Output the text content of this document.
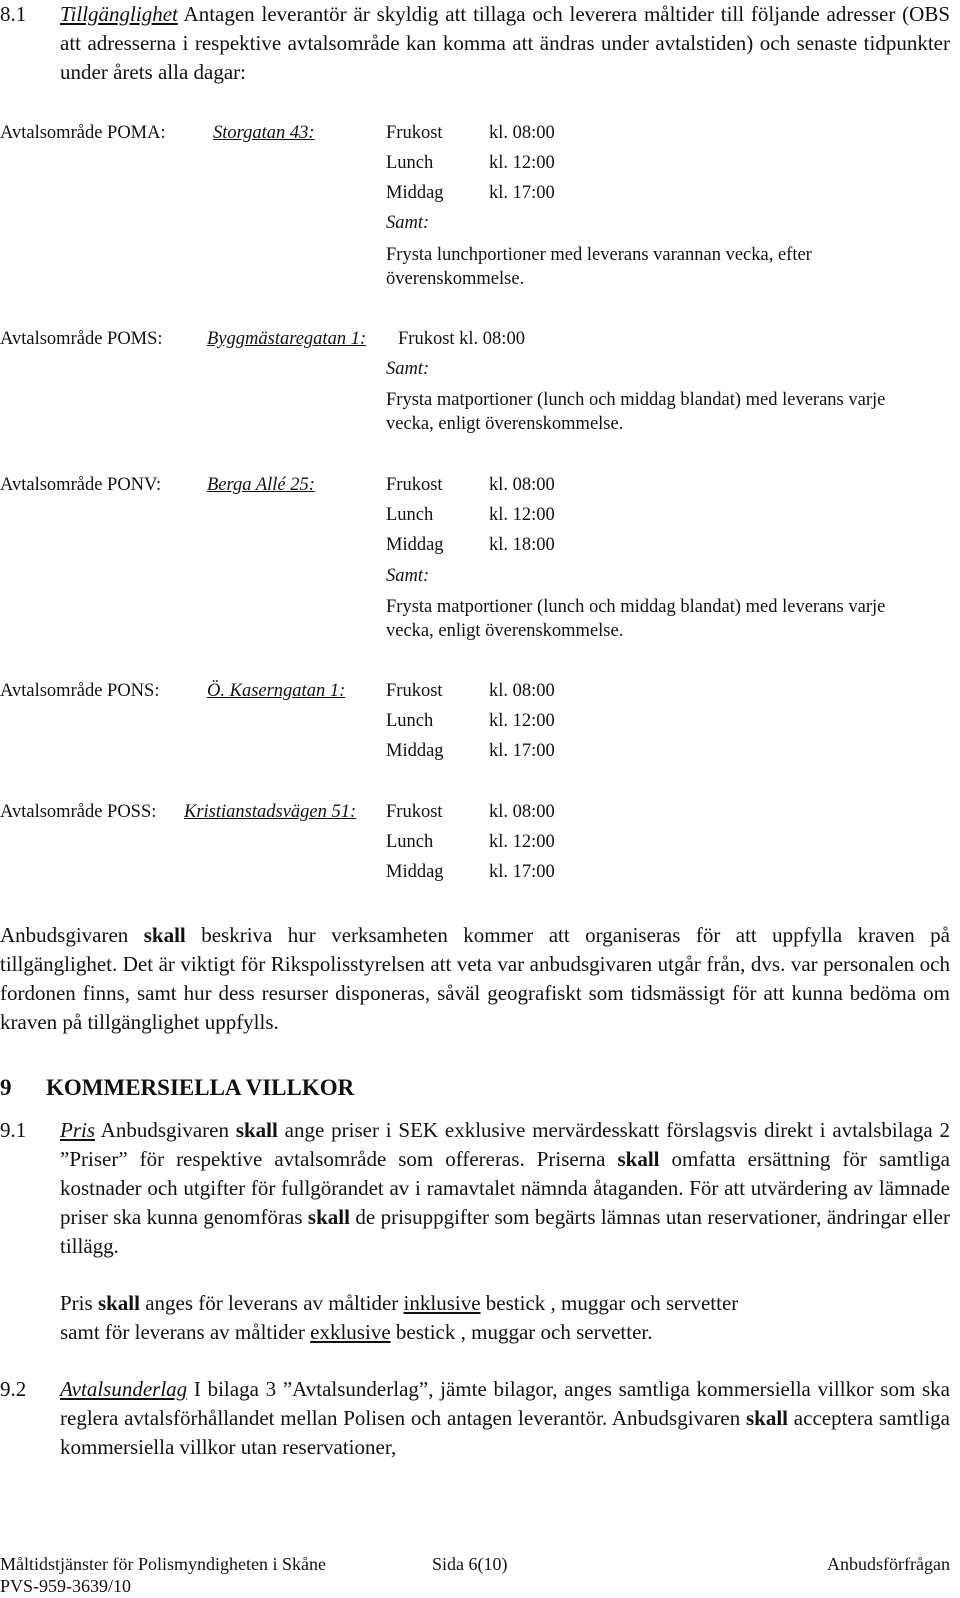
8.1 Tillgänglighet Antagen leverantör är skyldig att tillaga och leverera måltider till följande adresser (OBS att adresserna i respektive avtalsområde kan komma att ändras under avtalstiden) och senaste tidpunkter under årets alla dagar:
Avtalsområde POMA:	Storgatan 43:	Frukost	kl. 08:00
Lunch	kl. 12:00
Middag kl. 17:00
Samt:
Frysta lunchportioner med leverans varannan vecka, efter överenskommelse.
Avtalsområde POMS: Byggmästaregatan 1: Frukost kl. 08:00
Samt:
Frysta matportioner (lunch och middag blandat) med leverans varje vecka, enligt överenskommelse.
Avtalsområde PONV: Berga Allé 25:	Frukost	kl. 08:00
Lunch	kl. 12:00
Middag kl. 18:00
Samt:
Frysta matportioner (lunch och middag blandat) med leverans varje vecka, enligt överenskommelse.
Avtalsområde PONS:	Ö. Kaserngatan 1: Frukost	kl. 08:00
Lunch	kl. 12:00
Middag kl. 17:00
Avtalsområde POSS: Kristianstadsvägen 51: Frukost	kl. 08:00
Lunch	kl. 12:00
Middag kl. 17:00
Anbudsgivaren skall beskriva hur verksamheten kommer att organiseras för att uppfylla kraven på tillgänglighet. Det är viktigt för Rikspolisstyrelsen att veta var anbudsgivaren utgår från, dvs. var personalen och fordonen finns, samt hur dess resurser disponeras, såväl geografiskt som tidsmässigt för att kunna bedöma om kraven på tillgänglighet uppfylls.
9 KOMMERSIELLA VILLKOR
9.1 Pris Anbudsgivaren skall ange priser i SEK exklusive mervärdesskatt förslagsvis direkt i avtalsbilaga 2 ”Priser” för respektive avtalsområde som offereras. Priserna skall omfatta ersättning för samtliga kostnader och utgifter för fullgörandet av i ramavtalet nämnda åtaganden. För att utvärdering av lämnade priser ska kunna genomföras skall de prisuppgifter som begärts lämnas utan reservationer, ändringar eller tillägg.
Pris skall anges för leverans av måltider inklusive bestick , muggar och servetter
samt för leverans av måltider exklusive bestick , muggar och servetter.
9.2 Avtalsunderlag I bilaga 3 ”Avtalsunderlag”, jämte bilagor, anges samtliga kommersiella villkor som ska reglera avtalsförhållandet mellan Polisen och antagen leverantör. Anbudsgivaren skall acceptera samtliga kommersiella villkor utan reservationer,
Måltidstjänster för Polismyndigheten i Skåne	Sida 6(10)	Anbudsförfrågan
PVS-959-3639/10
